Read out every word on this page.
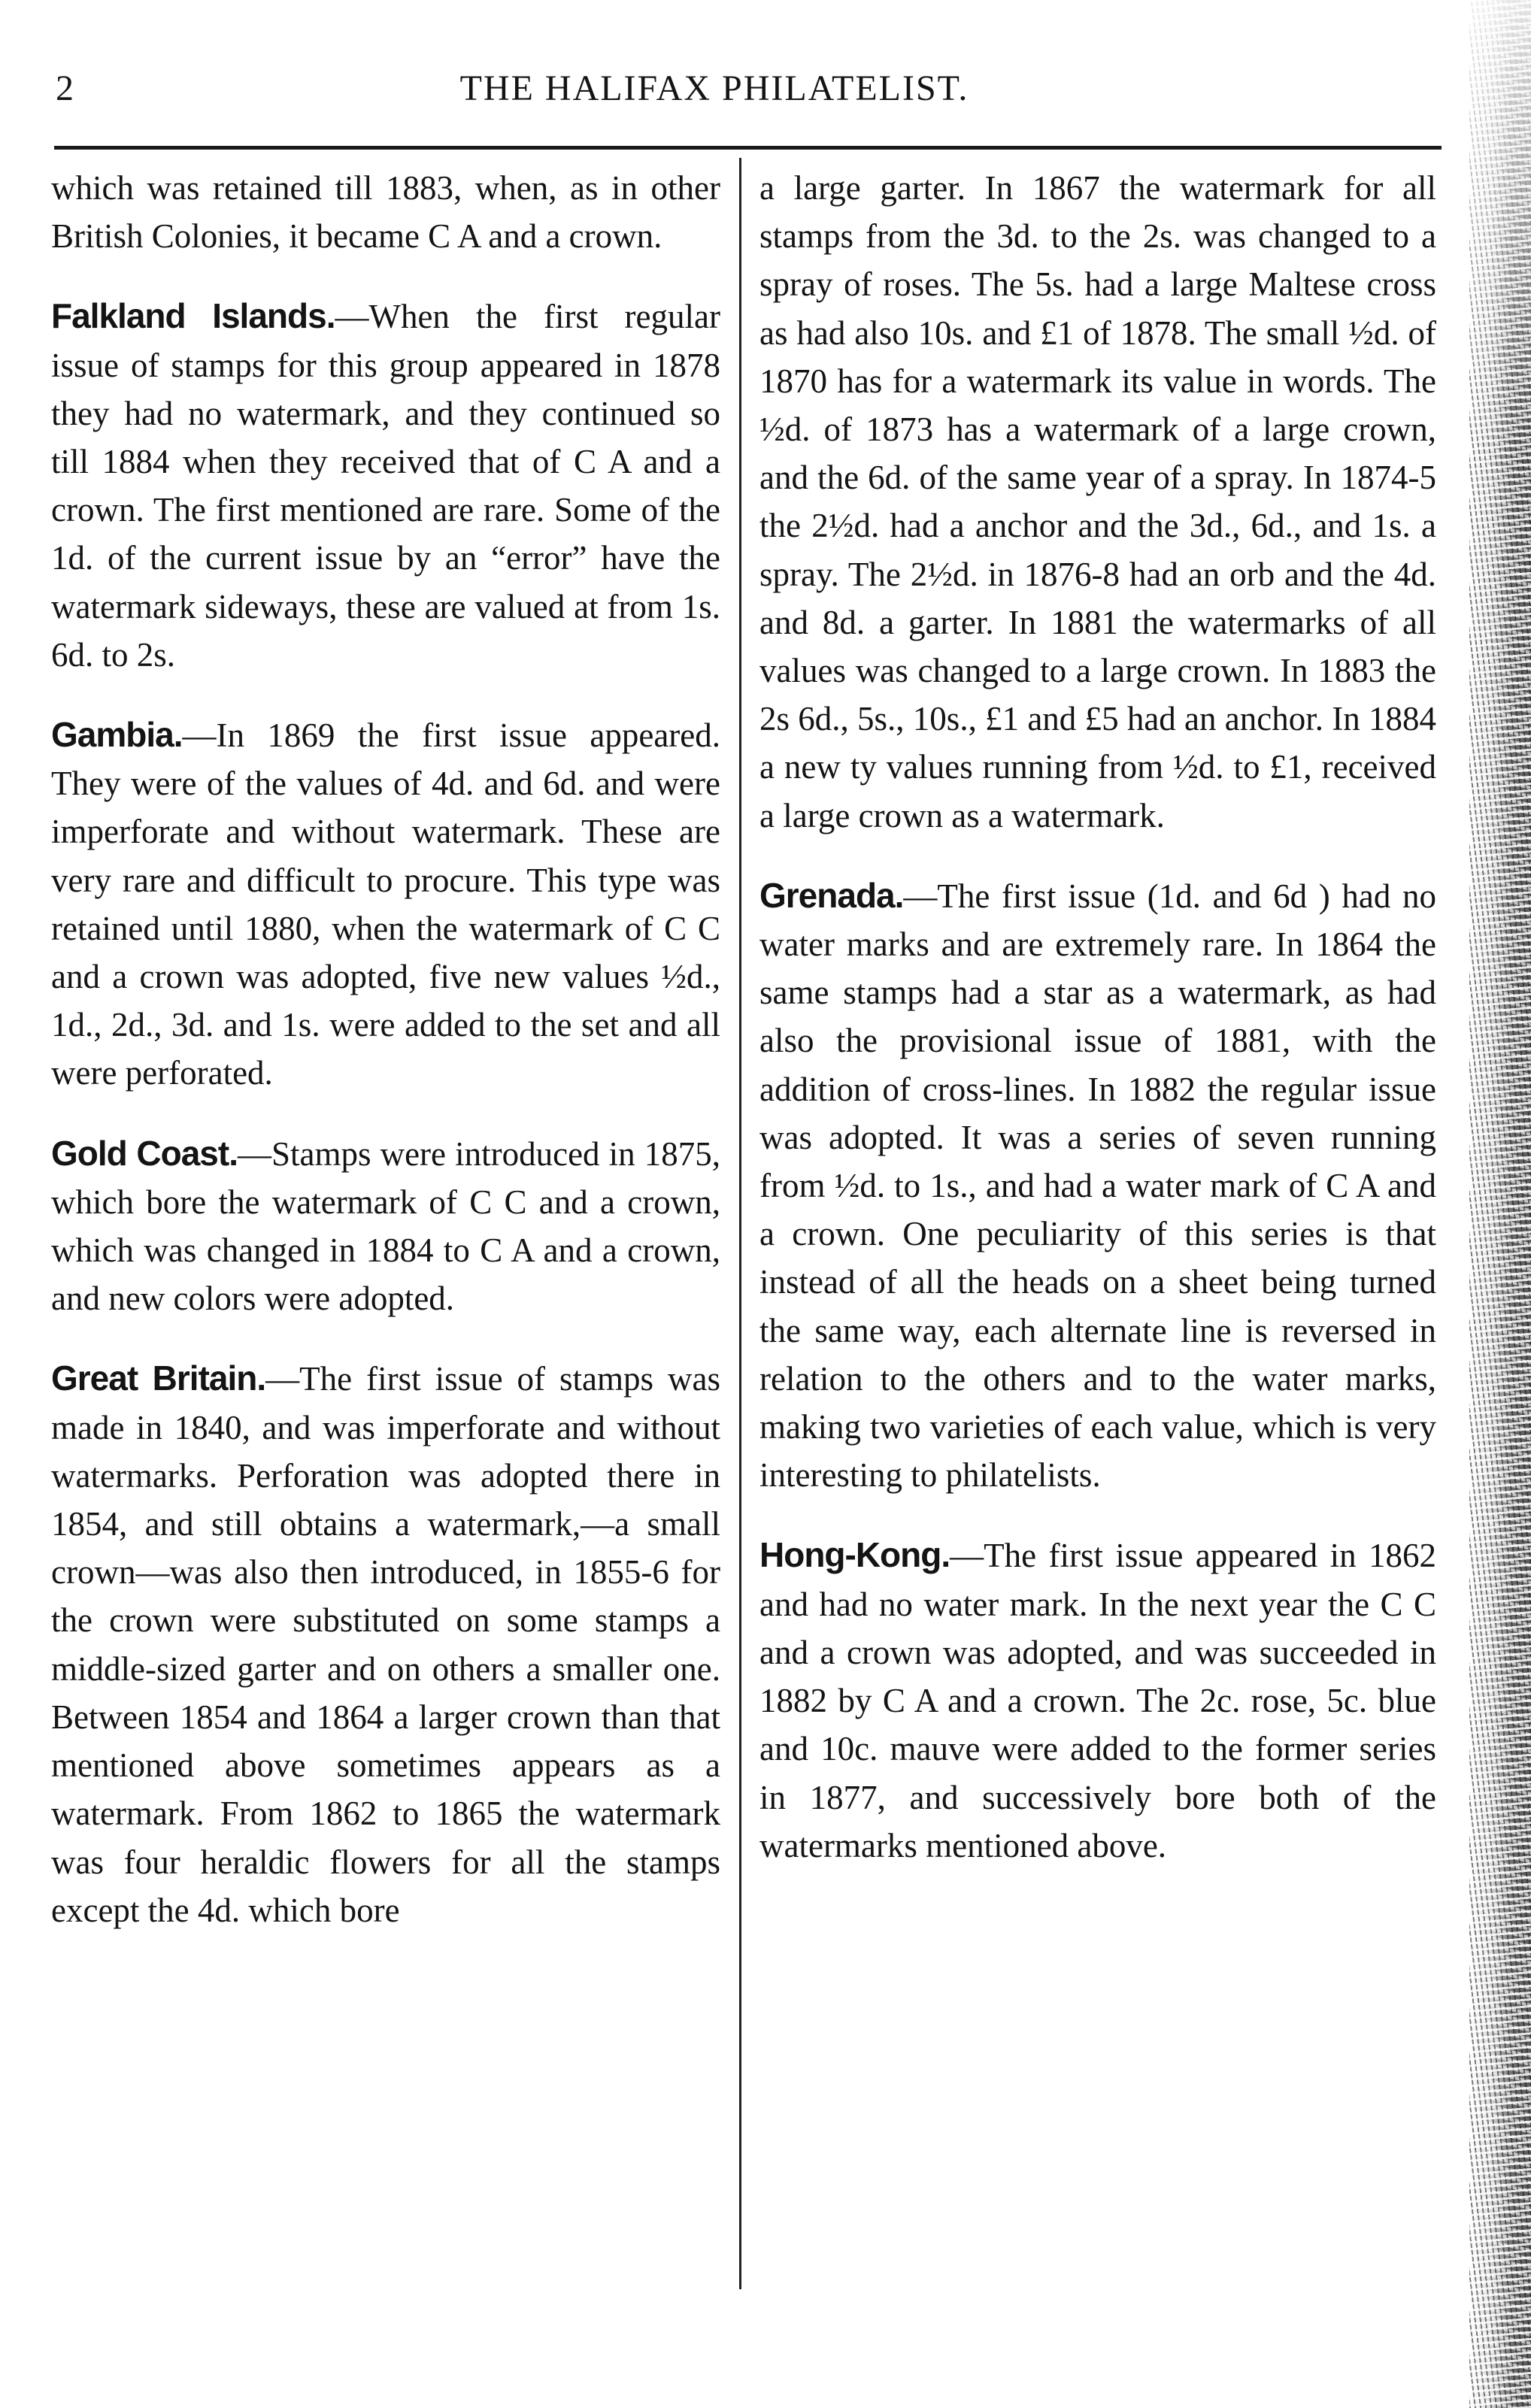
2	THE HALIFAX PHILATELIST.

which was retained till 1883, when, as in other British Colonies, it became C A and a crown.

Falkland Islands.—When the first regular issue of stamps for this group appeared in 1878 they had no watermark, and they continued so till 1884 when they received that of C A and a crown. The first mentioned are rare. Some of the 1d. of the current issue by an “error” have the watermark sideways, these are valued at from 1s. 6d. to 2s.

Gambia.—In 1869 the first issue appeared. They were of the values of 4d. and 6d. and were imperforate and without watermark. These are very rare and difficult to procure. This type was retained until 1880, when the watermark of C C and a crown was adopted, five new values ½d., 1d., 2d., 3d. and 1s. were added to the set and all were perforated.

Gold Coast.—Stamps were introduced in 1875, which bore the watermark of C C and a crown, which was changed in 1884 to C A and a crown, and new colors were adopted.

Great Britain.—The first issue of stamps was made in 1840, and was imperforate and without watermarks. Perforation was adopted there in 1854, and still obtains a watermark,—a small crown—was also then introduced, in 1855-6 for the crown were substituted on some stamps a middle-sized garter and on others a smaller one. Between 1854 and 1864 a larger crown than that mentioned above sometimes appears as a watermark. From 1862 to 1865 the watermark was four heraldic flowers for all the stamps except the 4d. which bore

a large garter. In 1867 the watermark for all stamps from the 3d. to the 2s. was changed to a spray of roses. The 5s. had a large Maltese cross as had also 10s. and £1 of 1878. The small ½d. of 1870 has for a watermark its value in words. The ½d. of 1873 has a watermark of a large crown, and the 6d. of the same year of a spray. In 1874-5 the 2½d. had a anchor and the 3d., 6d., and 1s. a spray. The 2½d. in 1876-8 had an orb and the 4d. and 8d. a garter. In 1881 the watermarks of all values was changed to a large crown. In 1883 the 2s 6d., 5s., 10s., £1 and £5 had an anchor. In 1884 a new ty values running from ½d. to £1, received a large crown as a watermark.

Grenada.—The first issue (1d. and 6d ) had no water marks and are extremely rare. In 1864 the same stamps had a star as a watermark, as had also the provisional issue of 1881, with the addition of cross-lines. In 1882 the regular issue was adopted. It was a series of seven running from ½d. to 1s., and had a water mark of C A and a crown. One peculiarity of this series is that instead of all the heads on a sheet being turned the same way, each alternate line is reversed in relation to the others and to the water marks, making two varieties of each value, which is very interesting to philatelists.

Hong-Kong.—The first issue appeared in 1862 and had no water mark. In the next year the C C and a crown was adopted, and was succeeded in 1882 by C A and a crown. The 2c. rose, 5c. blue and 10c. mauve were added to the former series in 1877, and successively bore both of the watermarks mentioned above.
